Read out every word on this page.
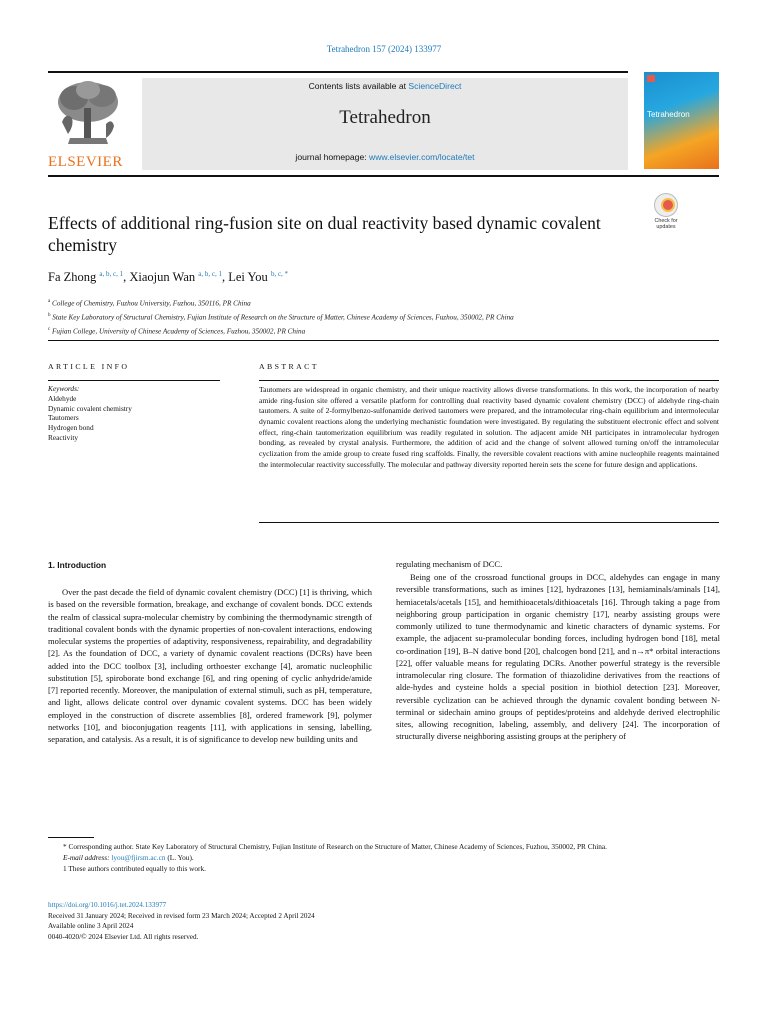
Tetrahedron 157 (2024) 133977
ELSEVIER
Contents lists available at ScienceDirect
Tetrahedron
journal homepage: www.elsevier.com/locate/tet
Tetrahedron
Effects of additional ring-fusion site on dual reactivity based dynamic covalent chemistry
Check for updates
Fa Zhong $^{a, b, c, 1}$, Xiaojun Wan $^{a, b, c, 1}$, Lei You $^{b, c, *}$
$^a$ College of Chemistry, Fuzhou University, Fuzhou, 350116, PR China
$^b$ State Key Laboratory of Structural Chemistry, Fujian Institute of Research on the Structure of Matter, Chinese Academy of Sciences, Fuzhou, 350002, PR China
$^c$ Fujian College, University of Chinese Academy of Sciences, Fuzhou, 350002, PR China
ARTICLE INFO	ABSTRACT
Keywords:
Aldehyde
Dynamic covalent chemistry
Tautomers
Hydrogen bond
Reactivity
Tautomers are widespread in organic chemistry, and their unique reactivity allows diverse transformations. In this work, the incorporation of nearby amide ring-fusion site offered a versatile platform for controlling dual reactivity based dynamic covalent chemistry (DCC) of aldehyde ring-chain tautomers. A suite of 2-formylbenzo-sulfonamide derived tautomers were prepared, and the intramolecular ring-chain equilibrium and intermolecular dynamic covalent reactions along the underlying mechanistic foundation were investigated. By regulating the substituent electronic effect and solvent effect, ring-chain tautomerization equilibrium was readily regulated in solution. The adjacent amide NH participates in intramolecular hydrogen bonding, as revealed by crystal analysis. Furthermore, the addition of acid and the change of solvent allowed turning on/off the intramolecular cyclization from the amide group to create fused ring scaffolds. Finally, the reversible covalent reactions with amine nucleophile reagents maintained the intermolecular reactivity successfully. The molecular and pathway diversity reported herein sets the scene for future design and applications.
1. Introduction

Over the past decade the field of dynamic covalent chemistry (DCC) [1] is thriving, which is based on the reversible formation, breakage, and exchange of covalent bonds. DCC extends the realm of classical supra-molecular chemistry by combining the thermodynamic strength of traditional covalent bonds with the dynamic properties of non-covalent interactions, endowing molecular systems the properties of adaptivity, responsiveness, repairability, and degradability [2]. As the foundation of DCC, a variety of dynamic covalent reactions (DCRs) have been added into the DCC toolbox [3], including orthoester exchange [4], aromatic nucleophilic substitution [5], spiroborate bond exchange [6], and ring opening of cyclic anhydride/amide [7] reported recently. Moreover, the manipulation of external stimuli, such as pH, temperature, and light, allows delicate control over dynamic covalent systems. DCC has been widely employed in the construction of discrete assemblies [8], ordered framework [9], polymer networks [10], and bioconjugation reagents [11], with applications in sensing, labelling, separation, and catalysis. As a result, it is of significance to develop new building units and

regulating mechanism of DCC.

Being one of the crossroad functional groups in DCC, aldehydes can engage in many reversible transformations, such as imines [12], hydrazones [13], hemiaminals/aminals [14], hemiacetals/acetals [15], and hemithioacetals/dithioacetals [16]. Through taking a page from neighboring group participation in organic chemistry [17], nearby assisting groups were commonly utilized to tune thermodynamic and kinetic characters of dynamic systems. For example, the adjacent su-pramolecular bonding forces, including hydrogen bond [18], metal co-ordination [19], B–N dative bond [20], chalcogen bond [21], and n→π* orbital interactions [22], offer valuable means for regulating DCRs. Another powerful strategy is the reversible intramolecular ring closure. The formation of thiazolidine derivatives from the reactions of alde-hydes and cysteine holds a special position in biothiol detection [23]. Moreover, reversible cyclization can be achieved through the dynamic covalent bonding between N-terminal or sidechain amino groups of peptides/proteins and aldehyde derived electrophilic sites, allowing recognition, labeling, assembly, and delivery [24]. The incorporation of structurally diverse neighboring assisting groups at the periphery of

* Corresponding author. State Key Laboratory of Structural Chemistry, Fujian Institute of Research on the Structure of Matter, Chinese Academy of Sciences, Fuzhou, 350002, PR China.
E-mail address: lyou@fjirsm.ac.cn (L. You).
1 These authors contributed equally to this work.
https://doi.org/10.1016/j.tet.2024.133977
Received 31 January 2024; Received in revised form 23 March 2024; Accepted 2 April 2024
Available online 3 April 2024
0040-4020/© 2024 Elsevier Ltd. All rights reserved.
